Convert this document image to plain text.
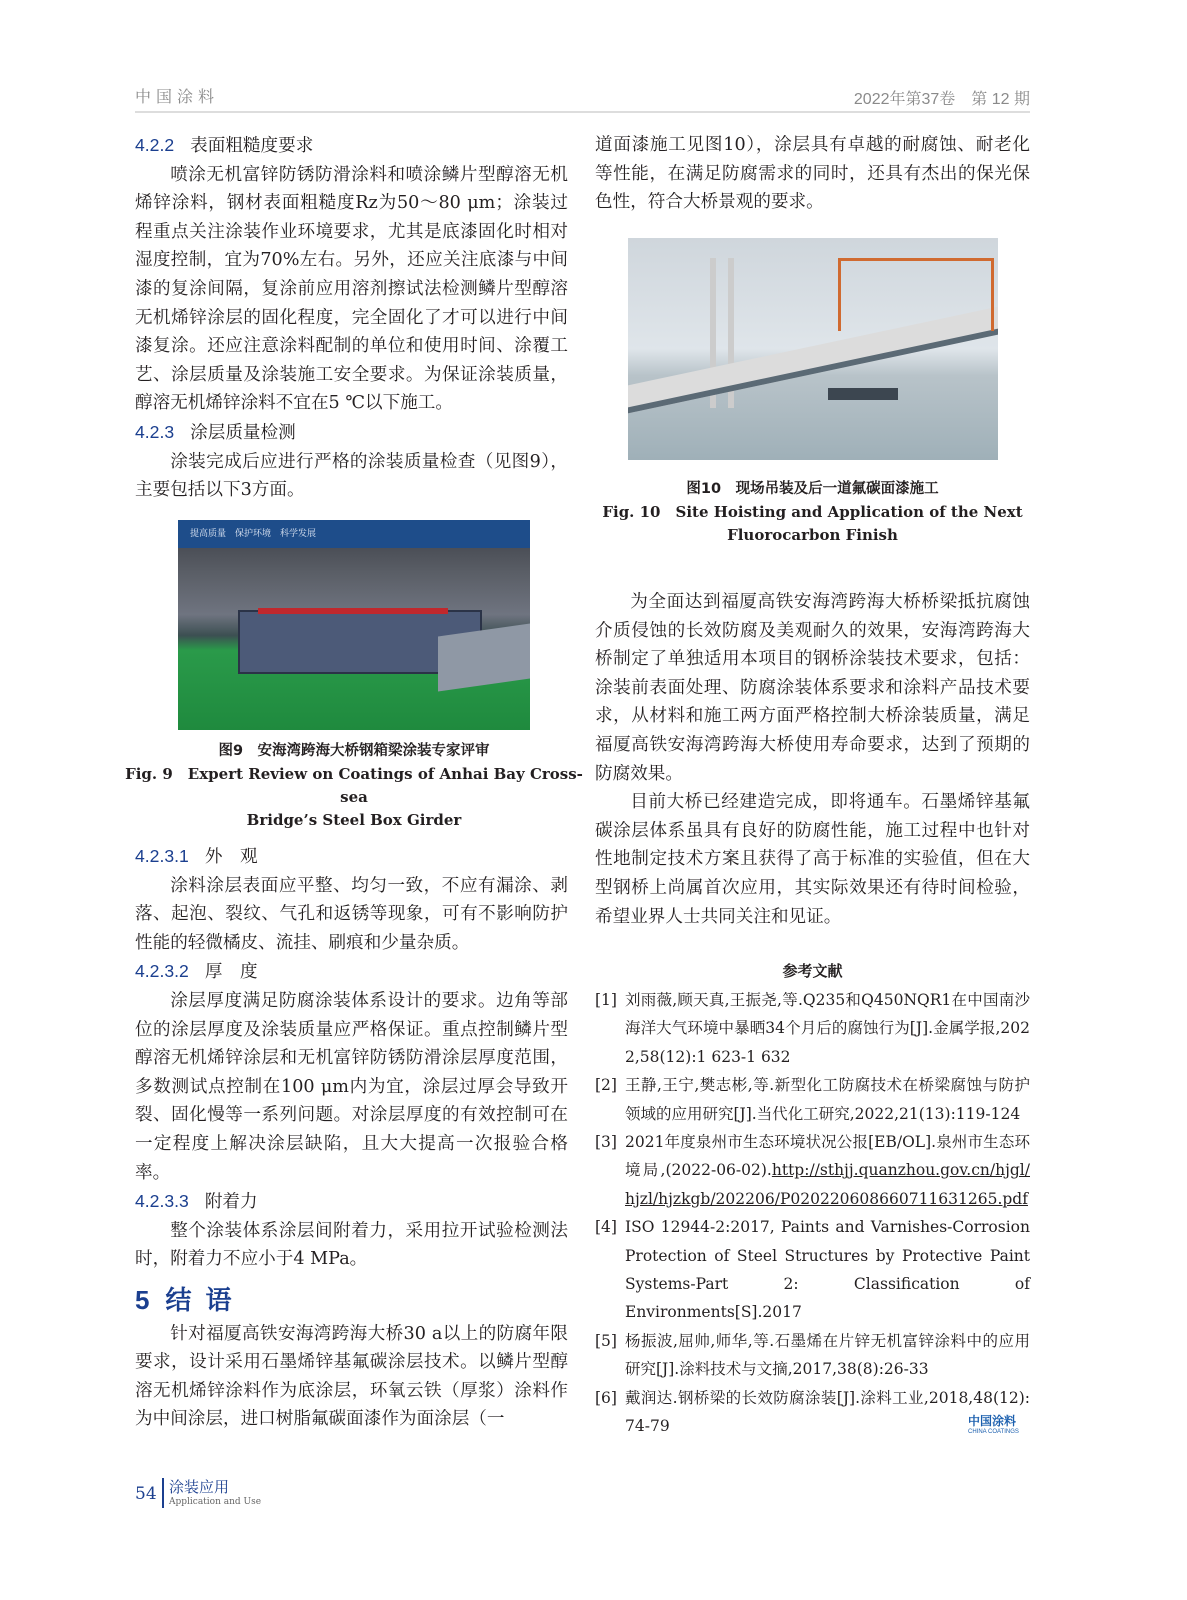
中国涂料	2022年第37卷　第 12 期

4.2.2 表面粗糙度要求

喷涂无机富锌防锈防滑涂料和喷涂鳞片型醇溶无机烯锌涂料，钢材表面粗糙度Rz为50～80 μm；涂装过程重点关注涂装作业环境要求，尤其是底漆固化时相对湿度控制，宜为70%左右。另外，还应关注底漆与中间漆的复涂间隔，复涂前应用溶剂擦试法检测鳞片型醇溶无机烯锌涂层的固化程度，完全固化了才可以进行中间漆复涂。还应注意涂料配制的单位和使用时间、涂覆工艺、涂层质量及涂装施工安全要求。为保证涂装质量，醇溶无机烯锌涂料不宜在5 ℃以下施工。

4.2.3 涂层质量检测

涂装完成后应进行严格的涂装质量检查（见图9），主要包括以下3方面。

提高质量　保护环境　科学发展
图9　安海湾跨海大桥钢箱梁涂装专家评审
Fig. 9　Expert Review on Coatings of Anhai Bay Cross-sea
Bridge’s Steel Box Girder

4.2.3.1 外　观

涂料涂层表面应平整、均匀一致，不应有漏涂、剥落、起泡、裂纹、气孔和返锈等现象，可有不影响防护性能的轻微橘皮、流挂、刷痕和少量杂质。

4.2.3.2 厚　度

涂层厚度满足防腐涂装体系设计的要求。边角等部位的涂层厚度及涂装质量应严格保证。重点控制鳞片型醇溶无机烯锌涂层和无机富锌防锈防滑涂层厚度范围，多数测试点控制在100 μm内为宜，涂层过厚会导致开裂、固化慢等一系列问题。对涂层厚度的有效控制可在一定程度上解决涂层缺陷，且大大提高一次报验合格率。

4.2.3.3 附着力

整个涂装体系涂层间附着力，采用拉开试验检测法时，附着力不应小于4 MPa。

5 结语

针对福厦高铁安海湾跨海大桥30 a以上的防腐年限要求，设计采用石墨烯锌基氟碳涂层技术。以鳞片型醇溶无机烯锌涂料作为底涂层，环氧云铁（厚浆）涂料作为中间涂层，进口树脂氟碳面漆作为面涂层（一

道面漆施工见图10），涂层具有卓越的耐腐蚀、耐老化等性能，在满足防腐需求的同时，还具有杰出的保光保色性，符合大桥景观的要求。

图10　现场吊装及后一道氟碳面漆施工
Fig. 10　Site Hoisting and Application of the Next
Fluorocarbon Finish

为全面达到福厦高铁安海湾跨海大桥桥梁抵抗腐蚀介质侵蚀的长效防腐及美观耐久的效果，安海湾跨海大桥制定了单独适用本项目的钢桥涂装技术要求，包括：涂装前表面处理、防腐涂装体系要求和涂料产品技术要求，从材料和施工两方面严格控制大桥涂装质量，满足福厦高铁安海湾跨海大桥使用寿命要求，达到了预期的防腐效果。

目前大桥已经建造完成，即将通车。石墨烯锌基氟碳涂层体系虽具有良好的防腐性能，施工过程中也针对性地制定技术方案且获得了高于标准的实验值，但在大型钢桥上尚属首次应用，其实际效果还有待时间检验，希望业界人士共同关注和见证。

参考文献
[1] 刘雨薇,顾天真,王振尧,等.Q235和Q450NQR1在中国南沙海洋大气环境中暴晒34个月后的腐蚀行为[J].金属学报,2022,58(12):1 623-1 632
[2] 王静,王宁,樊志彬,等.新型化工防腐技术在桥梁腐蚀与防护领域的应用研究[J].当代化工研究,2022,21(13):119-124
[3] 2021年度泉州市生态环境状况公报[EB/OL].泉州市生态环境局,(2022-06-02).http://sthjj.quanzhou.gov.cn/hjgl/hjzl/hjzkgb/202206/P020220608660711631265.pdf
[4] ISO 12944-2:2017, Paints and Varnishes-Corrosion Protection of Steel Structures by Protective Paint Systems-Part 2: Classification of Environments[S].2017
[5] 杨振波,屈帅,师华,等.石墨烯在片锌无机富锌涂料中的应用研究[J].涂料技术与文摘,2017,38(8):26-33
[6] 戴润达.钢桥梁的长效防腐涂装[J].涂料工业,2018,48(12):74-79	中国涂料
CHINA COATINGS
54 涂装应用
Application and Use
